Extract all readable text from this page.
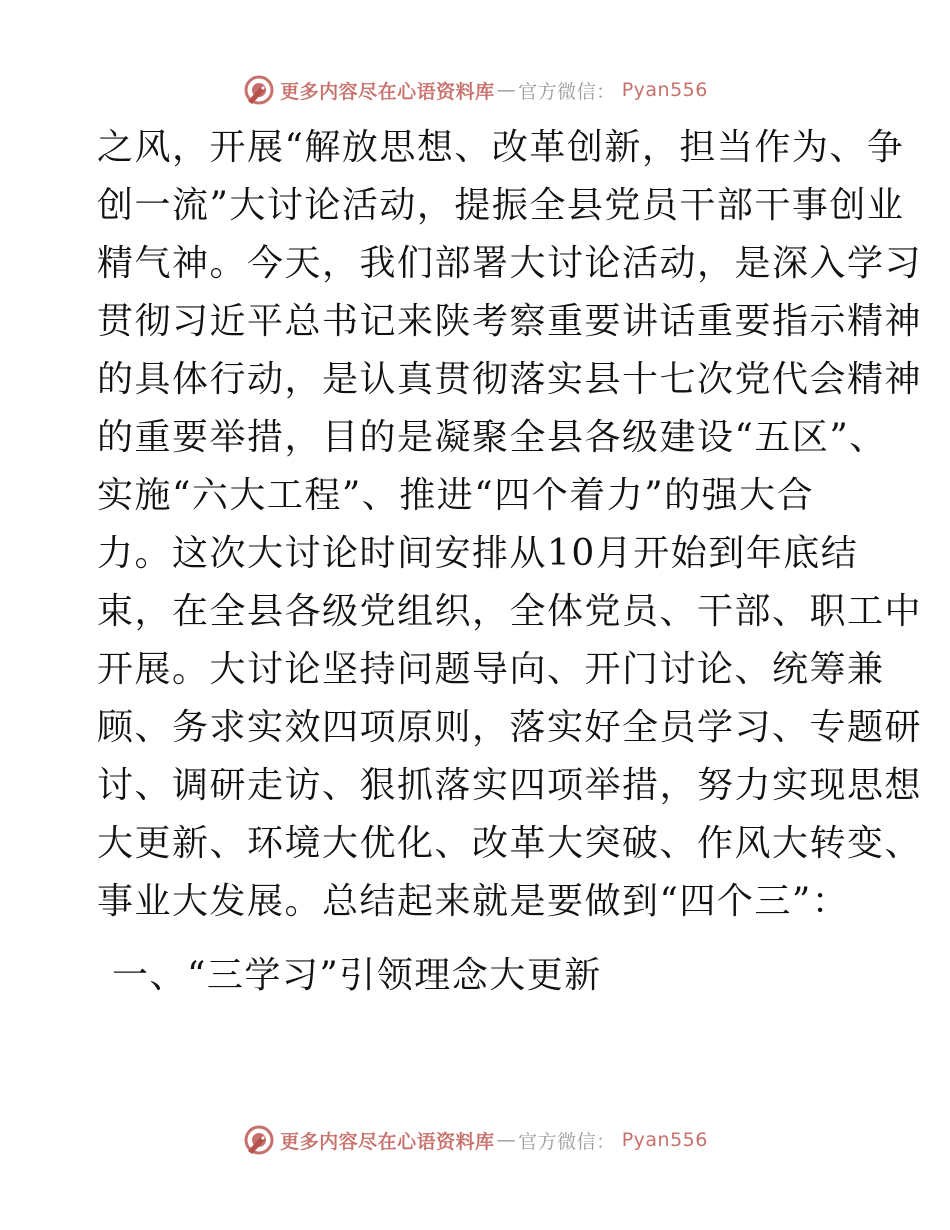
更多内容尽在心语资料库 — 官方微信 ： Pyan556
之风，开展“解放思想、改革创新，担当作为、争
创一流”大讨论活动，提振全县党员干部干事创业
精气神。今天，我们部署大讨论活动，是深入学习
贯彻习近平总书记来陕考察重要讲话重要指示精神
的具体行动，是认真贯彻落实县十七次党代会精神
的重要举措，目的是凝聚全县各级建设“五区”、
实施“六大工程”、推进“四个着力”的强大合
力。这次大讨论时间安排从10月开始到年底结
束，在全县各级党组织，全体党员、干部、职工中
开展。大讨论坚持问题导向、开门讨论、统筹兼
顾、务求实效四项原则，落实好全员学习、专题研
讨、调研走访、狠抓落实四项举措，努力实现思想
大更新、环境大优化、改革大突破、作风大转变、
事业大发展。总结起来就是要做到“四个三”：
一、“三学习”引领理念大更新
更多内容尽在心语资料库 — 官方微信 ： Pyan556
